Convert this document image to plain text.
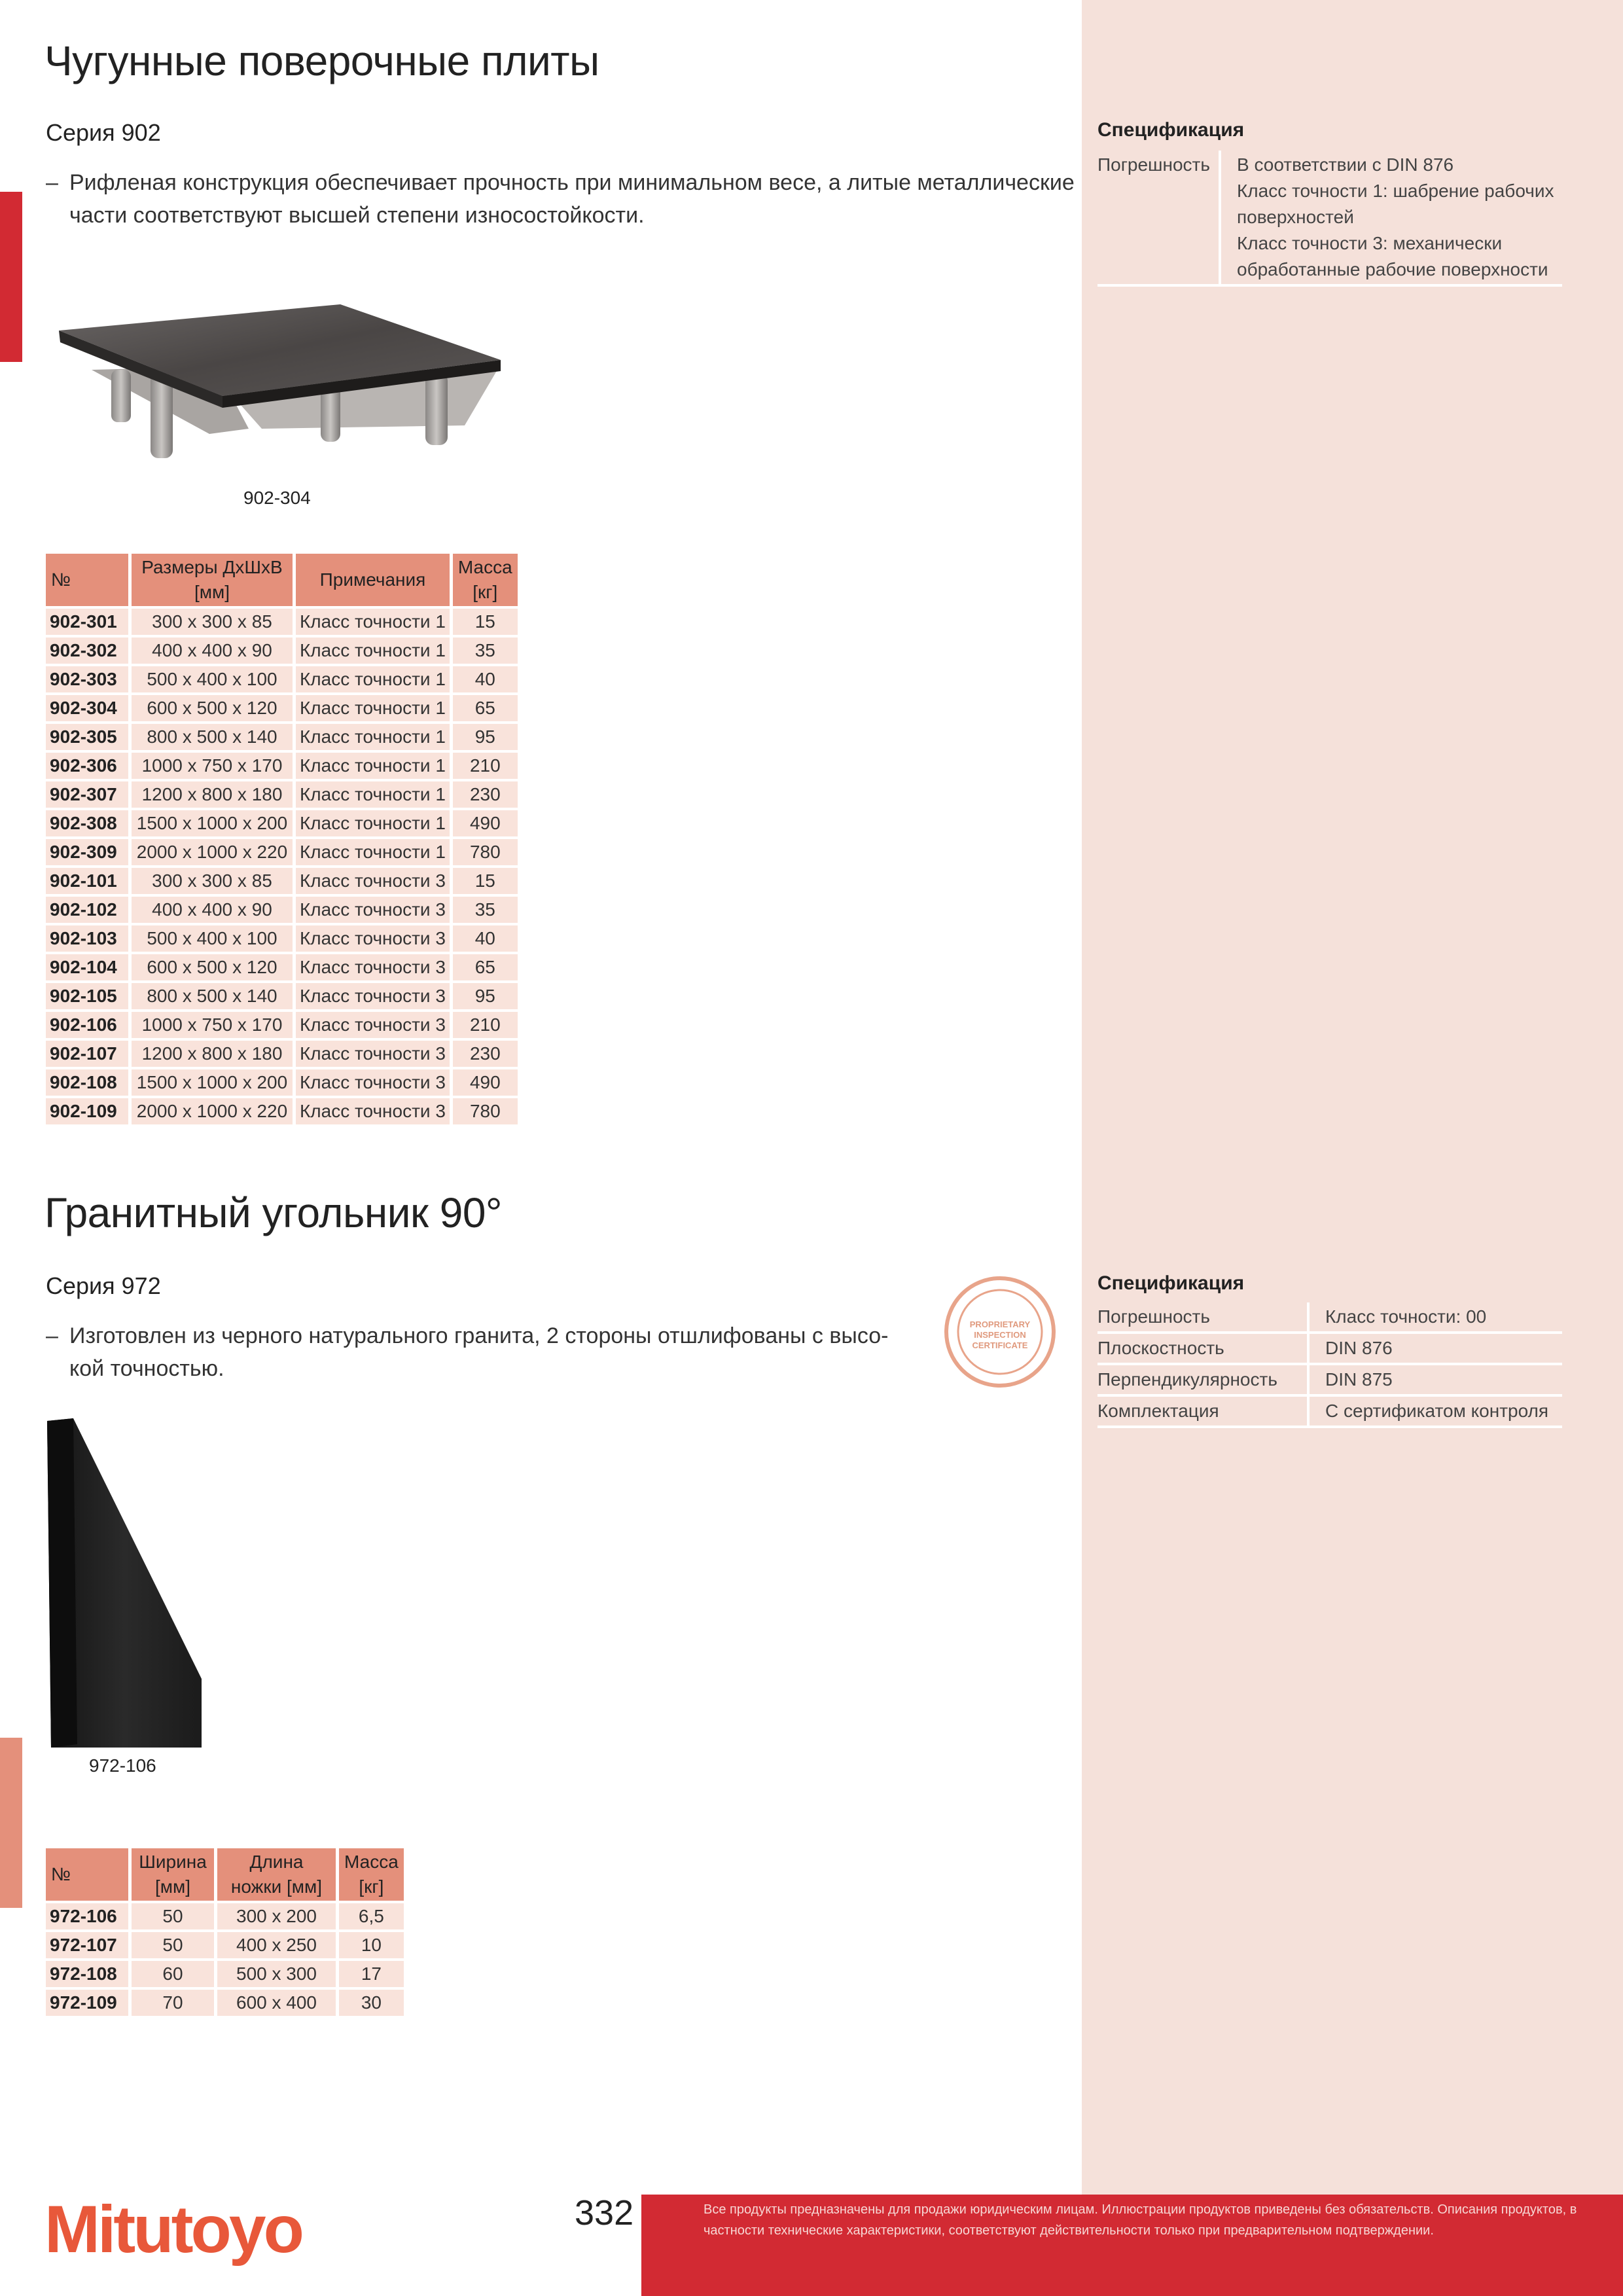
Чугунные поверочные плиты

Серия 902

– Рифленая конструкция обеспечивает прочность при минимальном весе, а литые металлические части соответствуют высшей степени износостойкости.

902-304
№	Размеры ДхШхВ [мм]	Примечания	Масса [кг]
902-301	300 x 300 x 85	Класс точности 1	15
902-302	400 x 400 x 90	Класс точности 1	35
902-303	500 x 400 x 100	Класс точности 1	40
902-304	600 x 500 x 120	Класс точности 1	65
902-305	800 x 500 x 140	Класс точности 1	95
902-306	1000 x 750 x 170	Класс точности 1	210
902-307	1200 x 800 x 180	Класс точности 1	230
902-308	1500 x 1000 x 200	Класс точности 1	490
902-309	2000 x 1000 x 220	Класс точности 1	780
902-101	300 x 300 x 85	Класс точности 3	15
902-102	400 x 400 x 90	Класс точности 3	35
902-103	500 x 400 x 100	Класс точности 3	40
902-104	600 x 500 x 120	Класс точности 3	65
902-105	800 x 500 x 140	Класс точности 3	95
902-106	1000 x 750 x 170	Класс точности 3	210
902-107	1200 x 800 x 180	Класс точности 3	230
902-108	1500 x 1000 x 200	Класс точности 3	490
902-109	2000 x 1000 x 220	Класс точности 3	780
Спецификация
Погрешность	В соответствии с DIN 876
Класс точности 1: шабрение рабочих поверхностей
Класс точности 3: механически обработанные рабочие поверхности
Гранитный угольник 90°

Серия 972

– Изготовлен из черного натурального гранита, 2 стороны отшлифованы с высо-
кой точностью.

PROPRIETARY
INSPECTION
CERTIFICATE
972-106
№	Ширина [мм]	Длина ножки [мм]	Масса [кг]
972-106	50	300 x 200	6,5
972-107	50	400 x 250	10
972-108	60	500 x 300	17
972-109	70	600 x 400	30
Спецификация
Погрешность	Класс точности: 00
Плоскостность	DIN 876
Перпендикулярность	DIN 875
Комплектация	С сертификатом контроля
Mitutoyo	332	Все продукты предназначены для продажи юридическим лицам. Иллюстрации продуктов приведены без обязательств. Описания продуктов, в частности технические характеристики, соответствуют действительности только при предварительном подтверждении.
